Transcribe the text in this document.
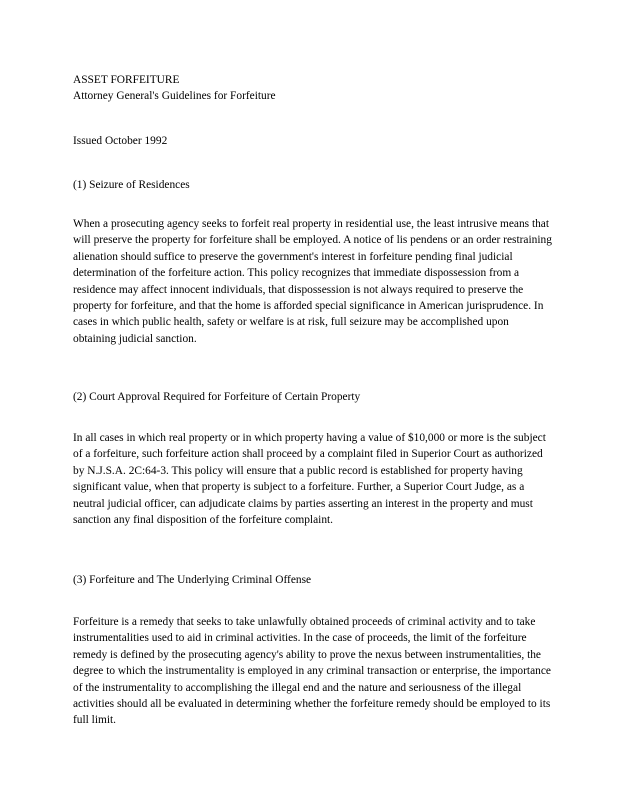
ASSET FORFEITURE

Attorney General's Guidelines for Forfeiture

Issued October 1992

(1) Seizure of Residences

When a prosecuting agency seeks to forfeit real property in residential use, the least intrusive means that will preserve the property for forfeiture shall be employed. A notice of lis pendens or an order restraining alienation should suffice to preserve the government's interest in forfeiture pending final judicial determination of the forfeiture action. This policy recognizes that immediate dispossession from a residence may affect innocent individuals, that dispossession is not always required to preserve the property for forfeiture, and that the home is afforded special significance in American jurisprudence. In cases in which public health, safety or welfare is at risk, full seizure may be accomplished upon obtaining judicial sanction.

(2) Court Approval Required for Forfeiture of Certain Property

In all cases in which real property or in which property having a value of $10,000 or more is the subject of a forfeiture, such forfeiture action shall proceed by a complaint filed in Superior Court as authorized by N.J.S.A. 2C:64-3. This policy will ensure that a public record is established for property having significant value, when that property is subject to a forfeiture. Further, a Superior Court Judge, as a neutral judicial officer, can adjudicate claims by parties asserting an interest in the property and must sanction any final disposition of the forfeiture complaint.

(3) Forfeiture and The Underlying Criminal Offense

Forfeiture is a remedy that seeks to take unlawfully obtained proceeds of criminal activity and to take instrumentalities used to aid in criminal activities. In the case of proceeds, the limit of the forfeiture remedy is defined by the prosecuting agency's ability to prove the nexus between instrumentalities, the degree to which the instrumentality is employed in any criminal transaction or enterprise, the importance of the instrumentality to accomplishing the illegal end and the nature and seriousness of the illegal activities should all be evaluated in determining whether the forfeiture remedy should be employed to its full limit.
